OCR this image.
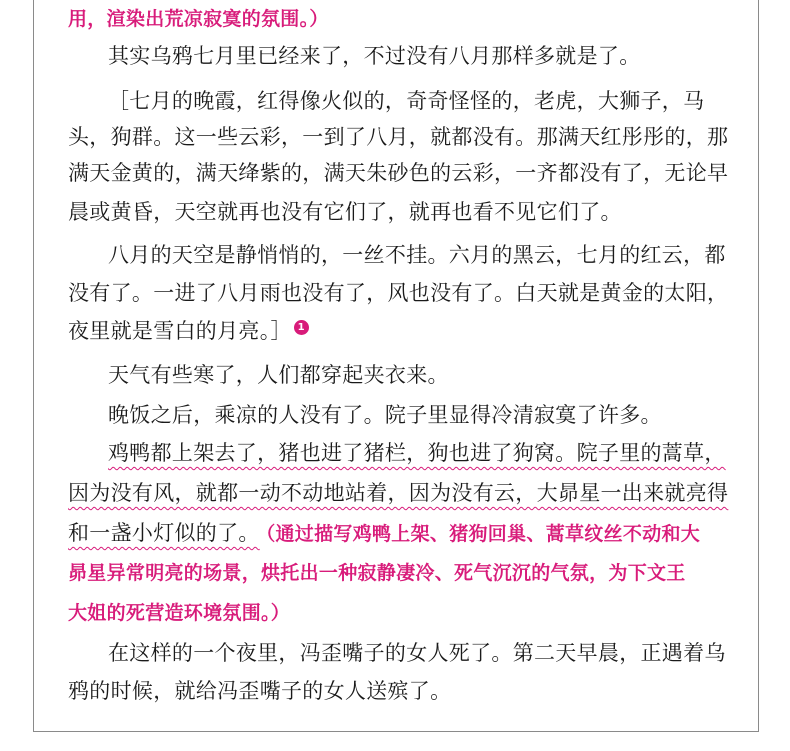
用，渲染出荒凉寂寞的氛围。）
其实乌鸦七月里已经来了，不过没有八月那样多就是了。
［七月的晚霞，红得像火似的，奇奇怪怪的，老虎，大狮子，马
头，狗群。这一些云彩，一到了八月，就都没有。那满天红彤彤的，那
满天金黄的，满天绛紫的，满天朱砂色的云彩，一齐都没有了，无论早
晨或黄昏，天空就再也没有它们了，就再也看不见它们了。
八月的天空是静悄悄的，一丝不挂。六月的黑云，七月的红云，都
没有了。一进了八月雨也没有了，风也没有了。白天就是黄金的太阳，
夜里就是雪白的月亮。］ 1
天气有些寒了，人们都穿起夹衣来。
晚饭之后，乘凉的人没有了。院子里显得冷清寂寞了许多。
鸡鸭都上架去了，猪也进了猪栏，狗也进了狗窝。院子里的蒿草，
因为没有风，就都一动不动地站着，因为没有云，大昴星一出来就亮得
和一盏小灯似的了。 （通过描写鸡鸭上架、猪狗回巢、蒿草纹丝不动和大
昴星异常明亮的场景，烘托出一种寂静凄冷、死气沉沉的气氛，为下文王
大姐的死营造环境氛围。）
在这样的一个夜里，冯歪嘴子的女人死了。第二天早晨，正遇着乌
鸦的时候，就给冯歪嘴子的女人送殡了。
